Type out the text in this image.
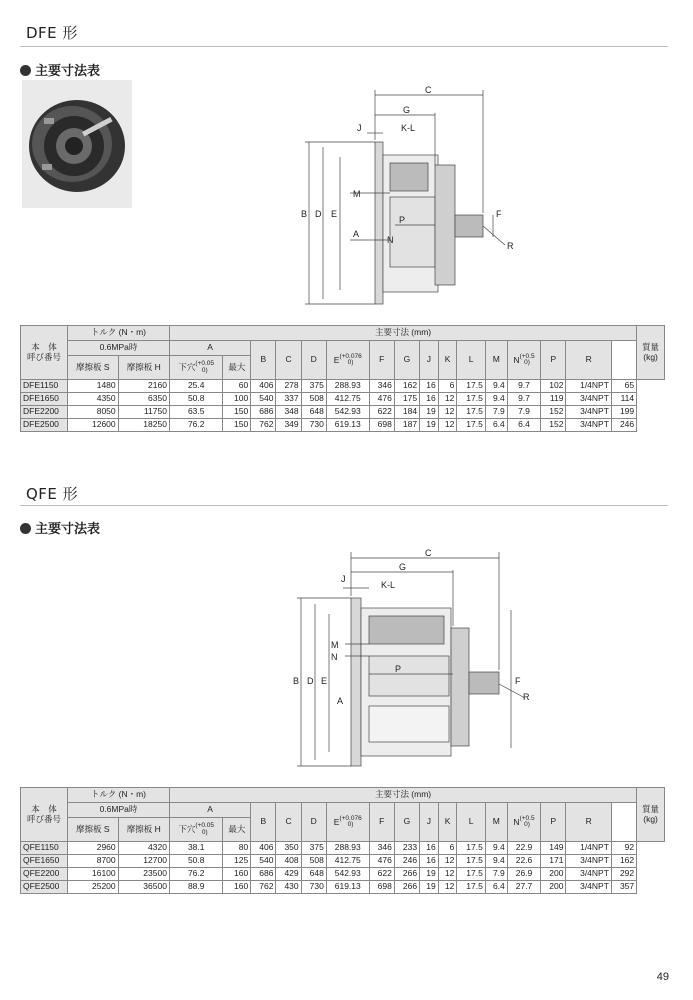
DFE 形
主要寸法表
C
G
J	K-L
M
B D E
P
A
N
F
R
本　体
呼び番号	トルク (N・m)		主要寸法 (mm)																質量
(kg)
	0.6MPa時		A		B	C	D	E(+0.076
0)	F	G	J	K	L	M	N(+0.5
0)	P	R		
	摩擦板 S	摩擦板 H	下穴(+0.05
0)	最大															
DFE1150	1480	2160	25.4	60	406	278	375	288.93	346	162	16	6	17.5	9.4	9.7	102	1/4NPT	65	
DFE1650	4350	6350	50.8	100	540	337	508	412.75	476	175	16	12	17.5	9.4	9.7	119	3/4NPT	114	
DFE2200	8050	11750	63.5	150	686	348	648	542.93	622	184	19	12	17.5	7.9	7.9	152	3/4NPT	199	
DFE2500	12600	18250	76.2	150	762	349	730	619.13	698	187	19	12	17.5	6.4	6.4	152	3/4NPT	246	
QFE 形
主要寸法表
C
G
J
K-L
M
N
P
B D E
A
F
R
本　体
呼び番号	トルク (N・m)		主要寸法 (mm)																質量
(kg)
	0.6MPa時		A		B	C	D	E(+0.076
0)	F	G	J	K	L	M	N(+0.5
0)	P	R		
	摩擦板 S	摩擦板 H	下穴(+0.05
0)	最大															
QFE1150	2960	4320	38.1	80	406	350	375	288.93	346	233	16	6	17.5	9.4	22.9	149	1/4NPT	92	
QFE1650	8700	12700	50.8	125	540	408	508	412.75	476	246	16	12	17.5	9.4	22.6	171	3/4NPT	162	
QFE2200	16100	23500	76.2	160	686	429	648	542.93	622	266	19	12	17.5	7.9	26.9	200	3/4NPT	292	
QFE2500	25200	36500	88.9	160	762	430	730	619.13	698	266	19	12	17.5	6.4	27.7	200	3/4NPT	357	
49
